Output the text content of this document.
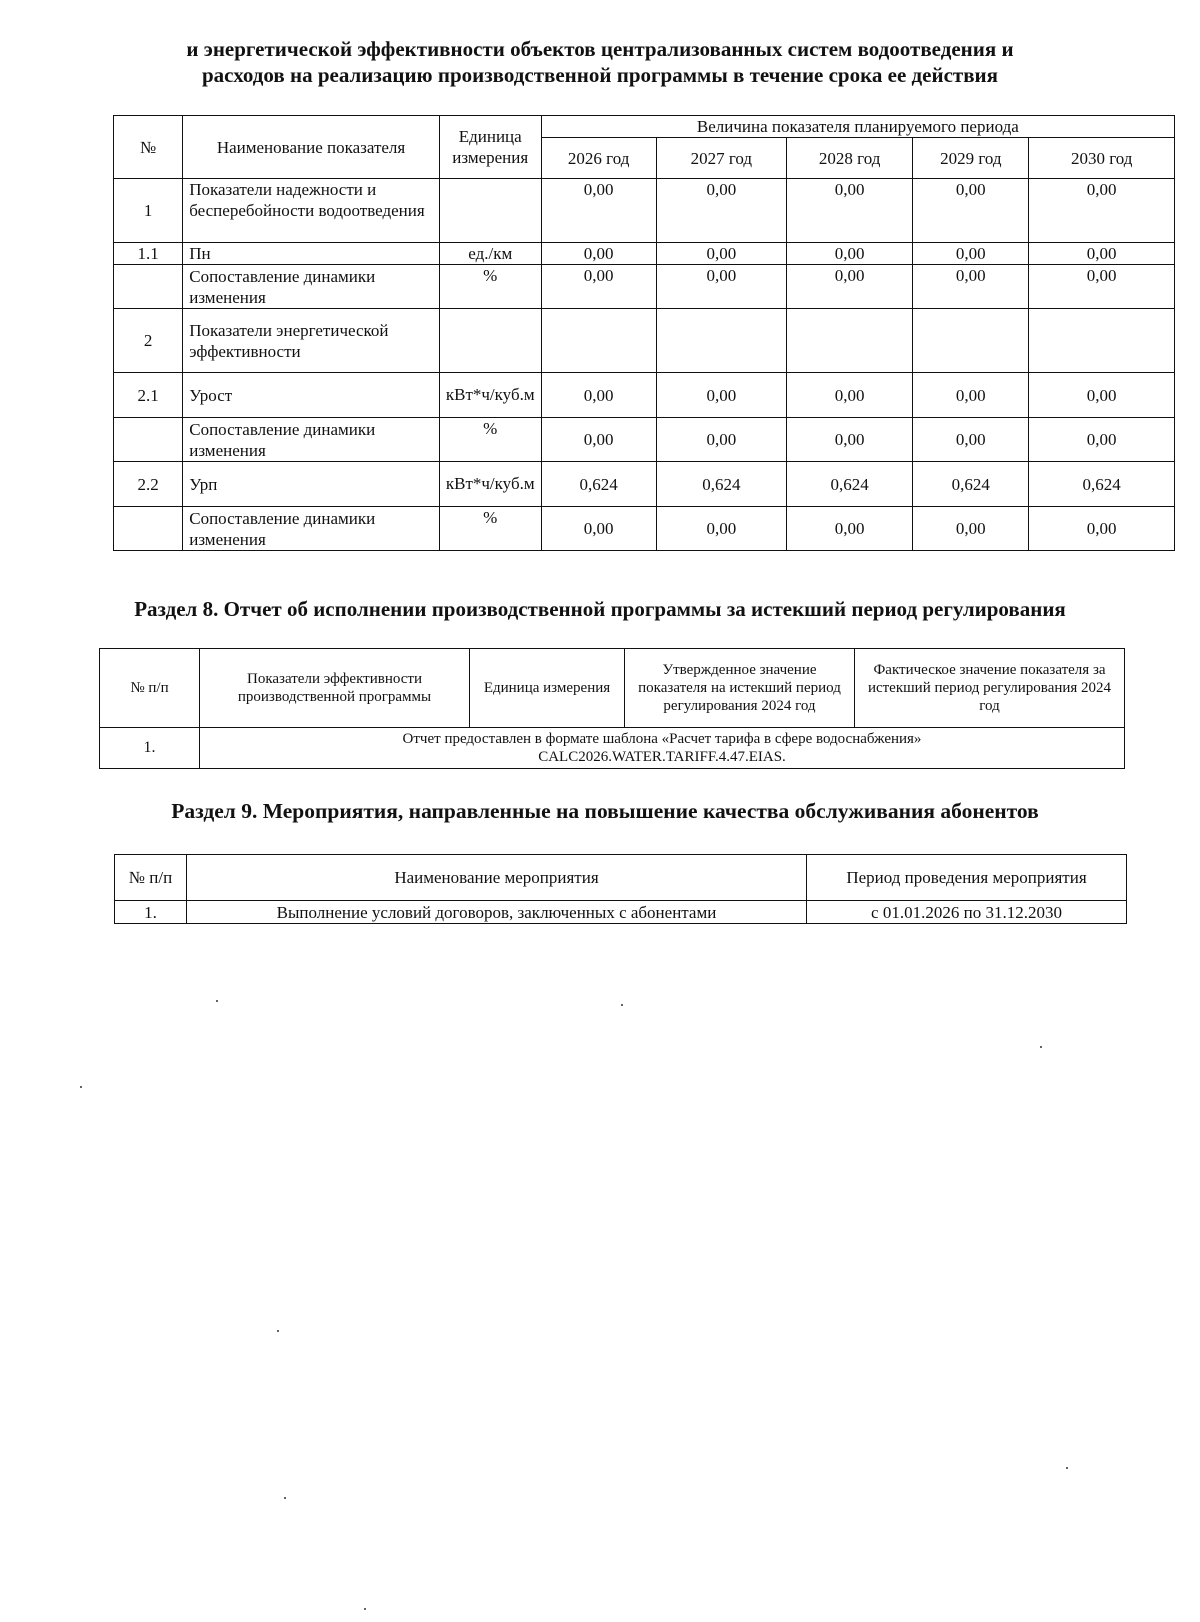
и энергетической эффективности объектов централизованных систем водоотведения и
расходов на реализацию производственной программы в течение срока ее действия
№	Наименование показателя	Единица измерения	Величина показателя планируемого периода				
			2026 год	2027 год	2028 год	2029 год	2030 год
1	Показатели надежности и бесперебойности водоотведения		0,00	0,00	0,00	0,00	0,00
1.1	Пн	ед./км	0,00	0,00	0,00	0,00	0,00
	Сопоставление динамики изменения	%	0,00	0,00	0,00	0,00	0,00
2	Показатели энергетической эффективности						
2.1	Урост	кВт*ч/куб.м	0,00	0,00	0,00	0,00	0,00
	Сопоставление динамики изменения	%	0,00	0,00	0,00	0,00	0,00
2.2	Урп	кВт*ч/куб.м	0,624	0,624	0,624	0,624	0,624
	Сопоставление динамики изменения	%	0,00	0,00	0,00	0,00	0,00
Раздел 8. Отчет об исполнении производственной программы за истекший период регулирования
№ п/п	Показатели эффективности производственной программы	Единица измерения	Утвержденное значение показателя на истекший период регулирования 2024 год	Фактическое значение показателя за истекший период регулирования 2024 год
1.	Отчет предоставлен в формате шаблона «Расчет тарифа в сфере водоснабжения» CALC2026.WATER.TARIFF.4.47.EIAS.			
Раздел 9. Мероприятия, направленные на повышение качества обслуживания абонентов
№ п/п	Наименование мероприятия	Период проведения мероприятия
1.	Выполнение условий договоров, заключенных с абонентами	с 01.01.2026 по 31.12.2030
